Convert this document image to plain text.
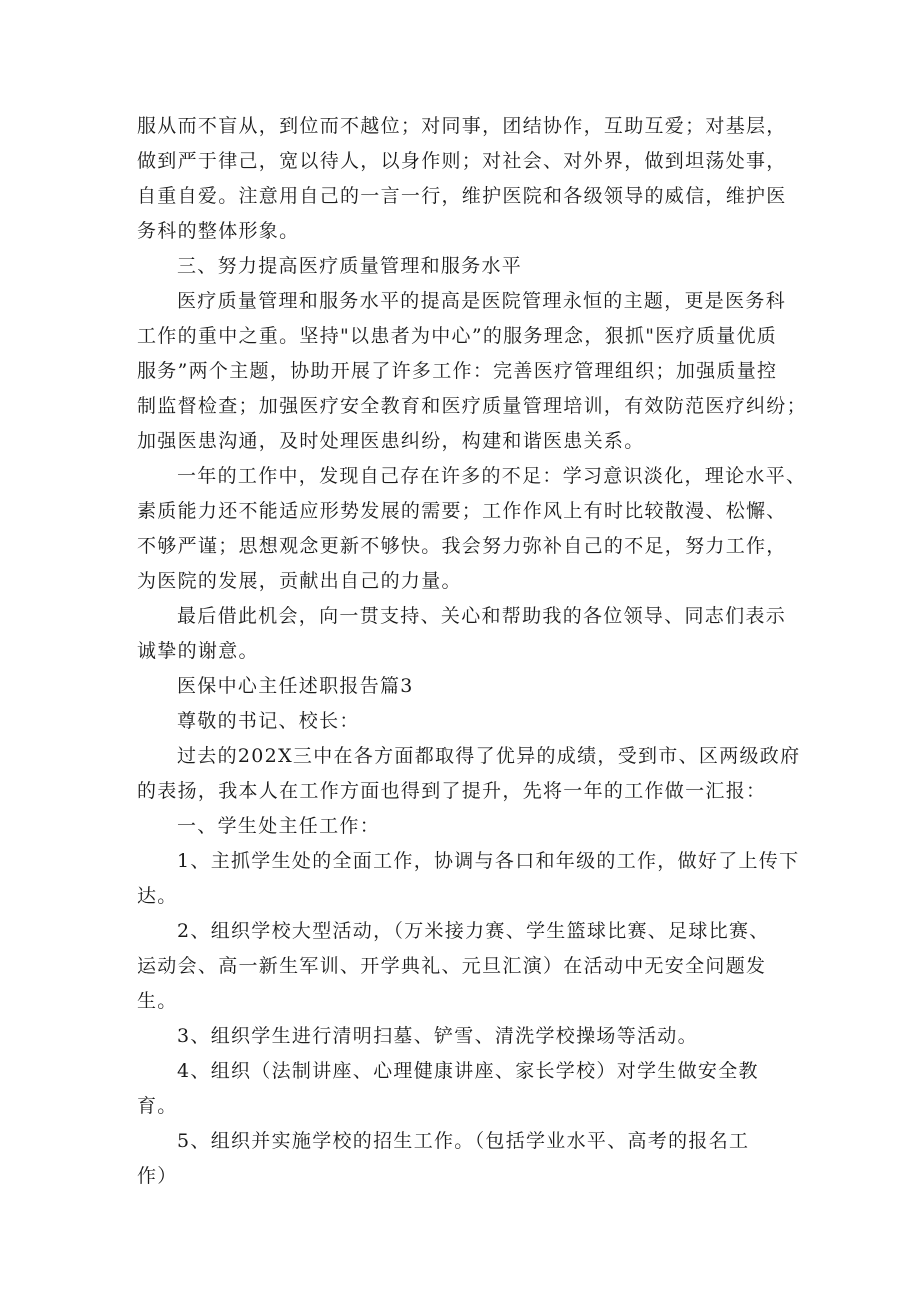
服从而不盲从，到位而不越位；对同事，团结协作，互助互爱；对基层，
做到严于律己，宽以待人，以身作则；对社会、对外界，做到坦荡处事，
自重自爱。注意用自己的一言一行，维护医院和各级领导的威信，维护医
务科的整体形象。
三、努力提高医疗质量管理和服务水平
医疗质量管理和服务水平的提高是医院管理永恒的主题，更是医务科
工作的重中之重。坚持"以患者为中心”的服务理念，狠抓"医疗质量优质
服务”两个主题，协助开展了许多工作：完善医疗管理组织；加强质量控
制监督检查；加强医疗安全教育和医疗质量管理培训，有效防范医疗纠纷；
加强医患沟通，及时处理医患纠纷，构建和谐医患关系。
一年的工作中，发现自己存在许多的不足：学习意识淡化，理论水平、
素质能力还不能适应形势发展的需要；工作作风上有时比较散漫、松懈、
不够严谨；思想观念更新不够快。我会努力弥补自己的不足，努力工作，
为医院的发展，贡献出自己的力量。
最后借此机会，向一贯支持、关心和帮助我的各位领导、同志们表示
诚挚的谢意。
医保中心主任述职报告篇3
尊敬的书记、校长：
过去的202X三中在各方面都取得了优异的成绩，受到市、区两级政府
的表扬，我本人在工作方面也得到了提升，先将一年的工作做一汇报：
一、学生处主任工作：
1、主抓学生处的全面工作，协调与各口和年级的工作，做好了上传下
达。
2、组织学校大型活动，（万米接力赛、学生篮球比赛、足球比赛、
运动会、高一新生军训、开学典礼、元旦汇演）在活动中无安全问题发
生。
3、组织学生进行清明扫墓、铲雪、清洗学校操场等活动。
4、组织（法制讲座、心理健康讲座、家长学校）对学生做安全教
育。
5、组织并实施学校的招生工作。（包括学业水平、高考的报名工
作）
